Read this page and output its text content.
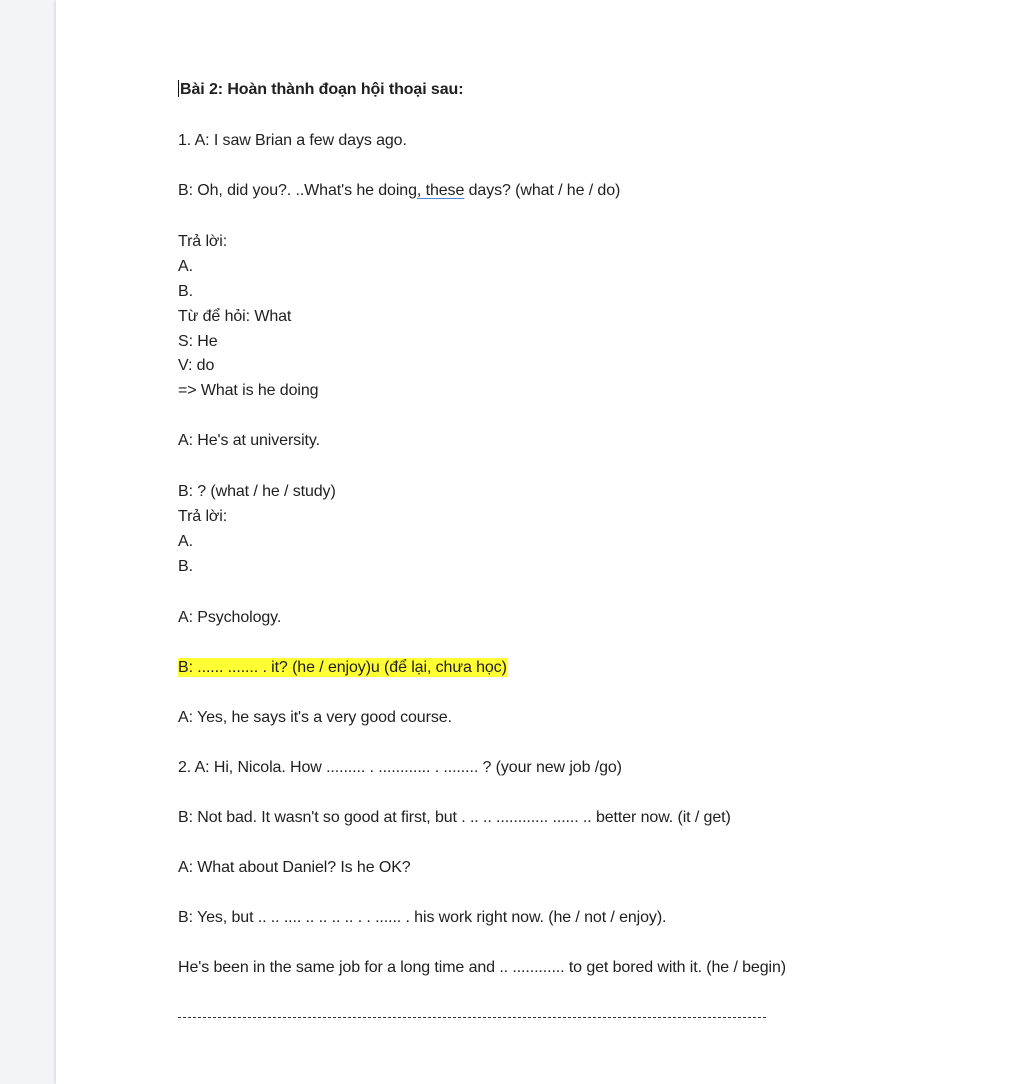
Bài 2: Hoàn thành đoạn hội thoại sau:
1. A: I saw Brian a few days ago.
B: Oh, did you?. ..What's he doing, these days? (what / he / do)
Trả lời:
A.
B.
Từ để hỏi: What
S: He
V: do
=> What is he doing
A: He's at university.
B: ? (what / he / study)
Trả lời:
A.
B.
A: Psychology.
B: ...... ....... . it? (he / enjoy)u (để lại, chưa học)
A: Yes, he says it's a very good course.
2. A: Hi, Nicola. How ......... . ............ . ........ ? (your new job /go)
B: Not bad. It wasn't so good at first, but . .. .. ............ ...... .. better now. (it / get)
A: What about Daniel? Is he OK?
B: Yes, but .. .. .... .. .. .. .. . . ...... . his work right now. (he / not / enjoy).
He's been in the same job for a long time and .. ............ to get bored with it. (he / begin)
